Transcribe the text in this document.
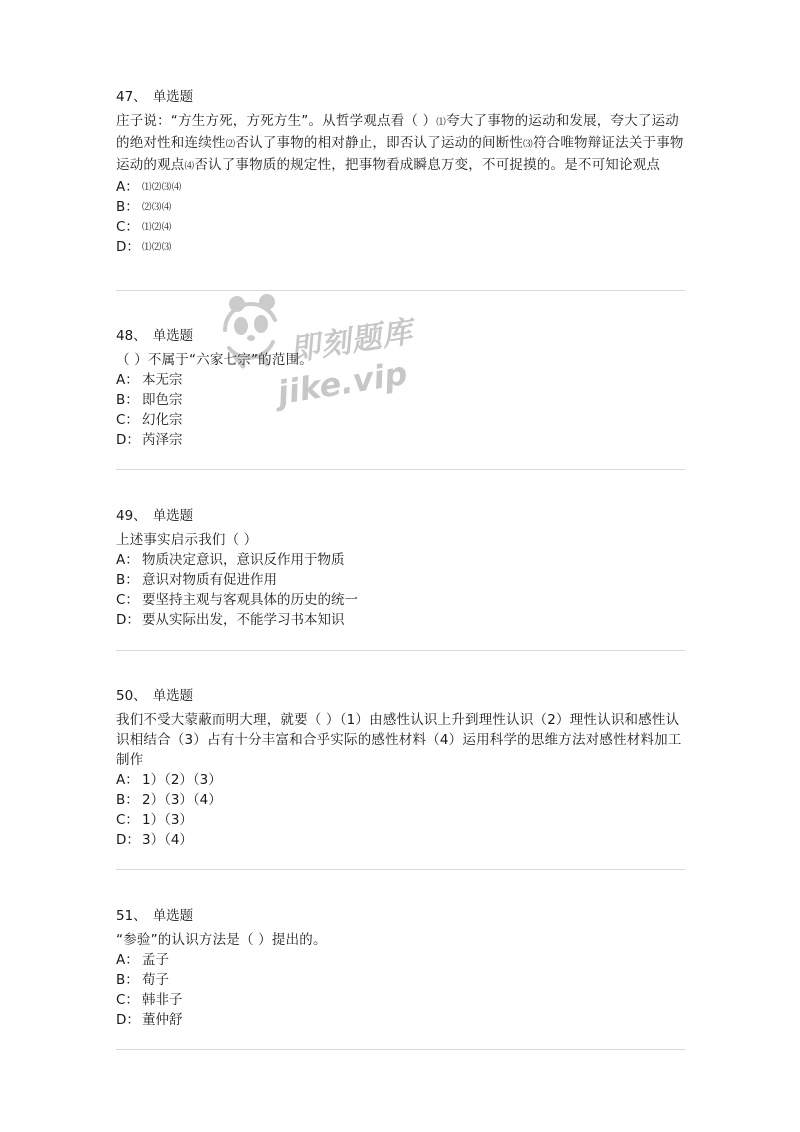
47、 单选题
庄子说：“方生方死，方死方生”。从哲学观点看（ ）⑴夸大了事物的运动和发展，夸大了运动的绝对性和连续性⑵否认了事物的相对静止，即否认了运动的间断性⑶符合唯物辩证法关于事物运动的观点⑷否认了事物质的规定性，把事物看成瞬息万变，不可捉摸的。是不可知论观点
A： ⑴⑵⑶⑷
B： ⑵⑶⑷
C： ⑴⑵⑷
D： ⑴⑵⑶
48、 单选题
（ ）不属于“六家七宗”的范围。
A： 本无宗
B： 即色宗
C： 幻化宗
D： 芮泽宗
49、 单选题
上述事实启示我们（ ）
A： 物质决定意识，意识反作用于物质
B： 意识对物质有促进作用
C： 要坚持主观与客观具体的历史的统一
D： 要从实际出发，不能学习书本知识
50、 单选题
我们不受大蒙蔽而明大理，就要（ ）（1）由感性认识上升到理性认识（2）理性认识和感性认识相结合（3）占有十分丰富和合乎实际的感性材料（4）运用科学的思维方法对感性材料加工制作
A： 1）（2）（3）
B： 2）（3）（4）
C： 1）（3）
D： 3）（4）
51、 单选题
“参验”的认识方法是（ ）提出的。
A： 孟子
B： 荀子
C： 韩非子
D： 董仲舒
即刻题库
jike.vip
